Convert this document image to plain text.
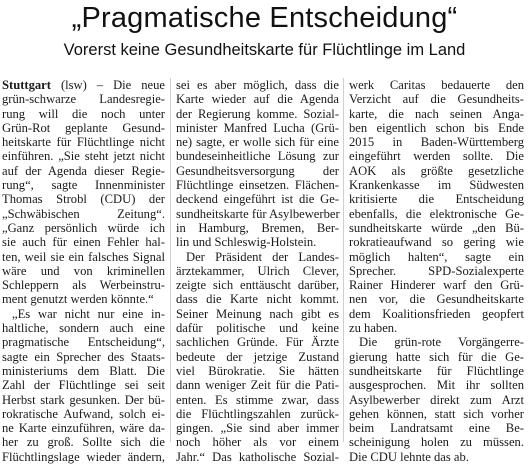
„Pragmatische Entscheidung“
Vorerst keine Gesundheitskarte für Flüchtlinge im Land
Stuttgart (lsw) – Die neue
grün-schwarze Landesregie-
rung will die noch unter
Grün-Rot geplante Gesund-
heitskarte für Flüchtlinge nicht
einführen. „Sie steht jetzt nicht
auf der Agenda dieser Regie-
rung“, sagte Innenminister
Thomas Strobl (CDU) der
„Schwäbischen Zeitung“.
„Ganz persönlich würde ich
sie auch für einen Fehler hal-
ten, weil sie ein falsches Signal
wäre und von kriminellen
Schleppern als Werbeinstru-
ment genutzt werden könnte.“
„Es war nicht nur eine in-
haltliche, sondern auch eine
pragmatische Entscheidung“,
sagte ein Sprecher des Staats-
ministeriums dem Blatt. Die
Zahl der Flüchtlinge sei seit
Herbst stark gesunken. Der bü-
rokratische Aufwand, solch ei-
ne Karte einzuführen, wäre da-
her zu groß. Sollte sich die
Flüchtlingslage wieder ändern,
sei es aber möglich, dass die
Karte wieder auf die Agenda
der Regierung komme. Sozial-
minister Manfred Lucha (Grü-
ne) sagte, er wolle sich für eine
bundeseinheitliche Lösung zur
Gesundheitsversorgung der
Flüchtlinge einsetzen. Flächen-
deckend eingeführt ist die Ge-
sundheitskarte für Asylbewerber
in Hamburg, Bremen, Ber-
lin und Schleswig-Holstein.
Der Präsident der Landes-
ärztekammer, Ulrich Clever,
zeigte sich enttäuscht darüber,
dass die Karte nicht kommt.
Seiner Meinung nach gibt es
dafür politische und keine
sachlichen Gründe. Für Ärzte
bedeute der jetzige Zustand
viel Bürokratie. Sie hätten
dann weniger Zeit für die Pati-
enten. Es stimme zwar, dass
die Flüchtlingszahlen zurück-
gingen. „Sie sind aber immer
noch höher als vor einem
Jahr.“ Das katholische Sozial-
werk Caritas bedauerte den
Verzicht auf die Gesundheits-
karte, die nach seinen Anga-
ben eigentlich schon bis Ende
2015 in Baden-Württemberg
eingeführt werden sollte. Die
AOK als größte gesetzliche
Krankenkasse im Südwesten
kritisierte die Entscheidung
ebenfalls, die elektronische Ge-
sundheitskarte würde „den Bü-
rokratieaufwand so gering wie
möglich halten“, sagte ein
Sprecher. SPD-Sozialexperte
Rainer Hinderer warf den Grü-
nen vor, die Gesundheitskarte
dem Koalitionsfrieden geopfert
zu haben.
Die grün-rote Vorgängerre-
gierung hatte sich für die Ge-
sundheitskarte für Flüchtlinge
ausgesprochen. Mit ihr sollten
Asylbewerber direkt zum Arzt
gehen können, statt sich vorher
beim Landratsamt eine Be-
scheinigung holen zu müssen.
Die CDU lehnte das ab.
